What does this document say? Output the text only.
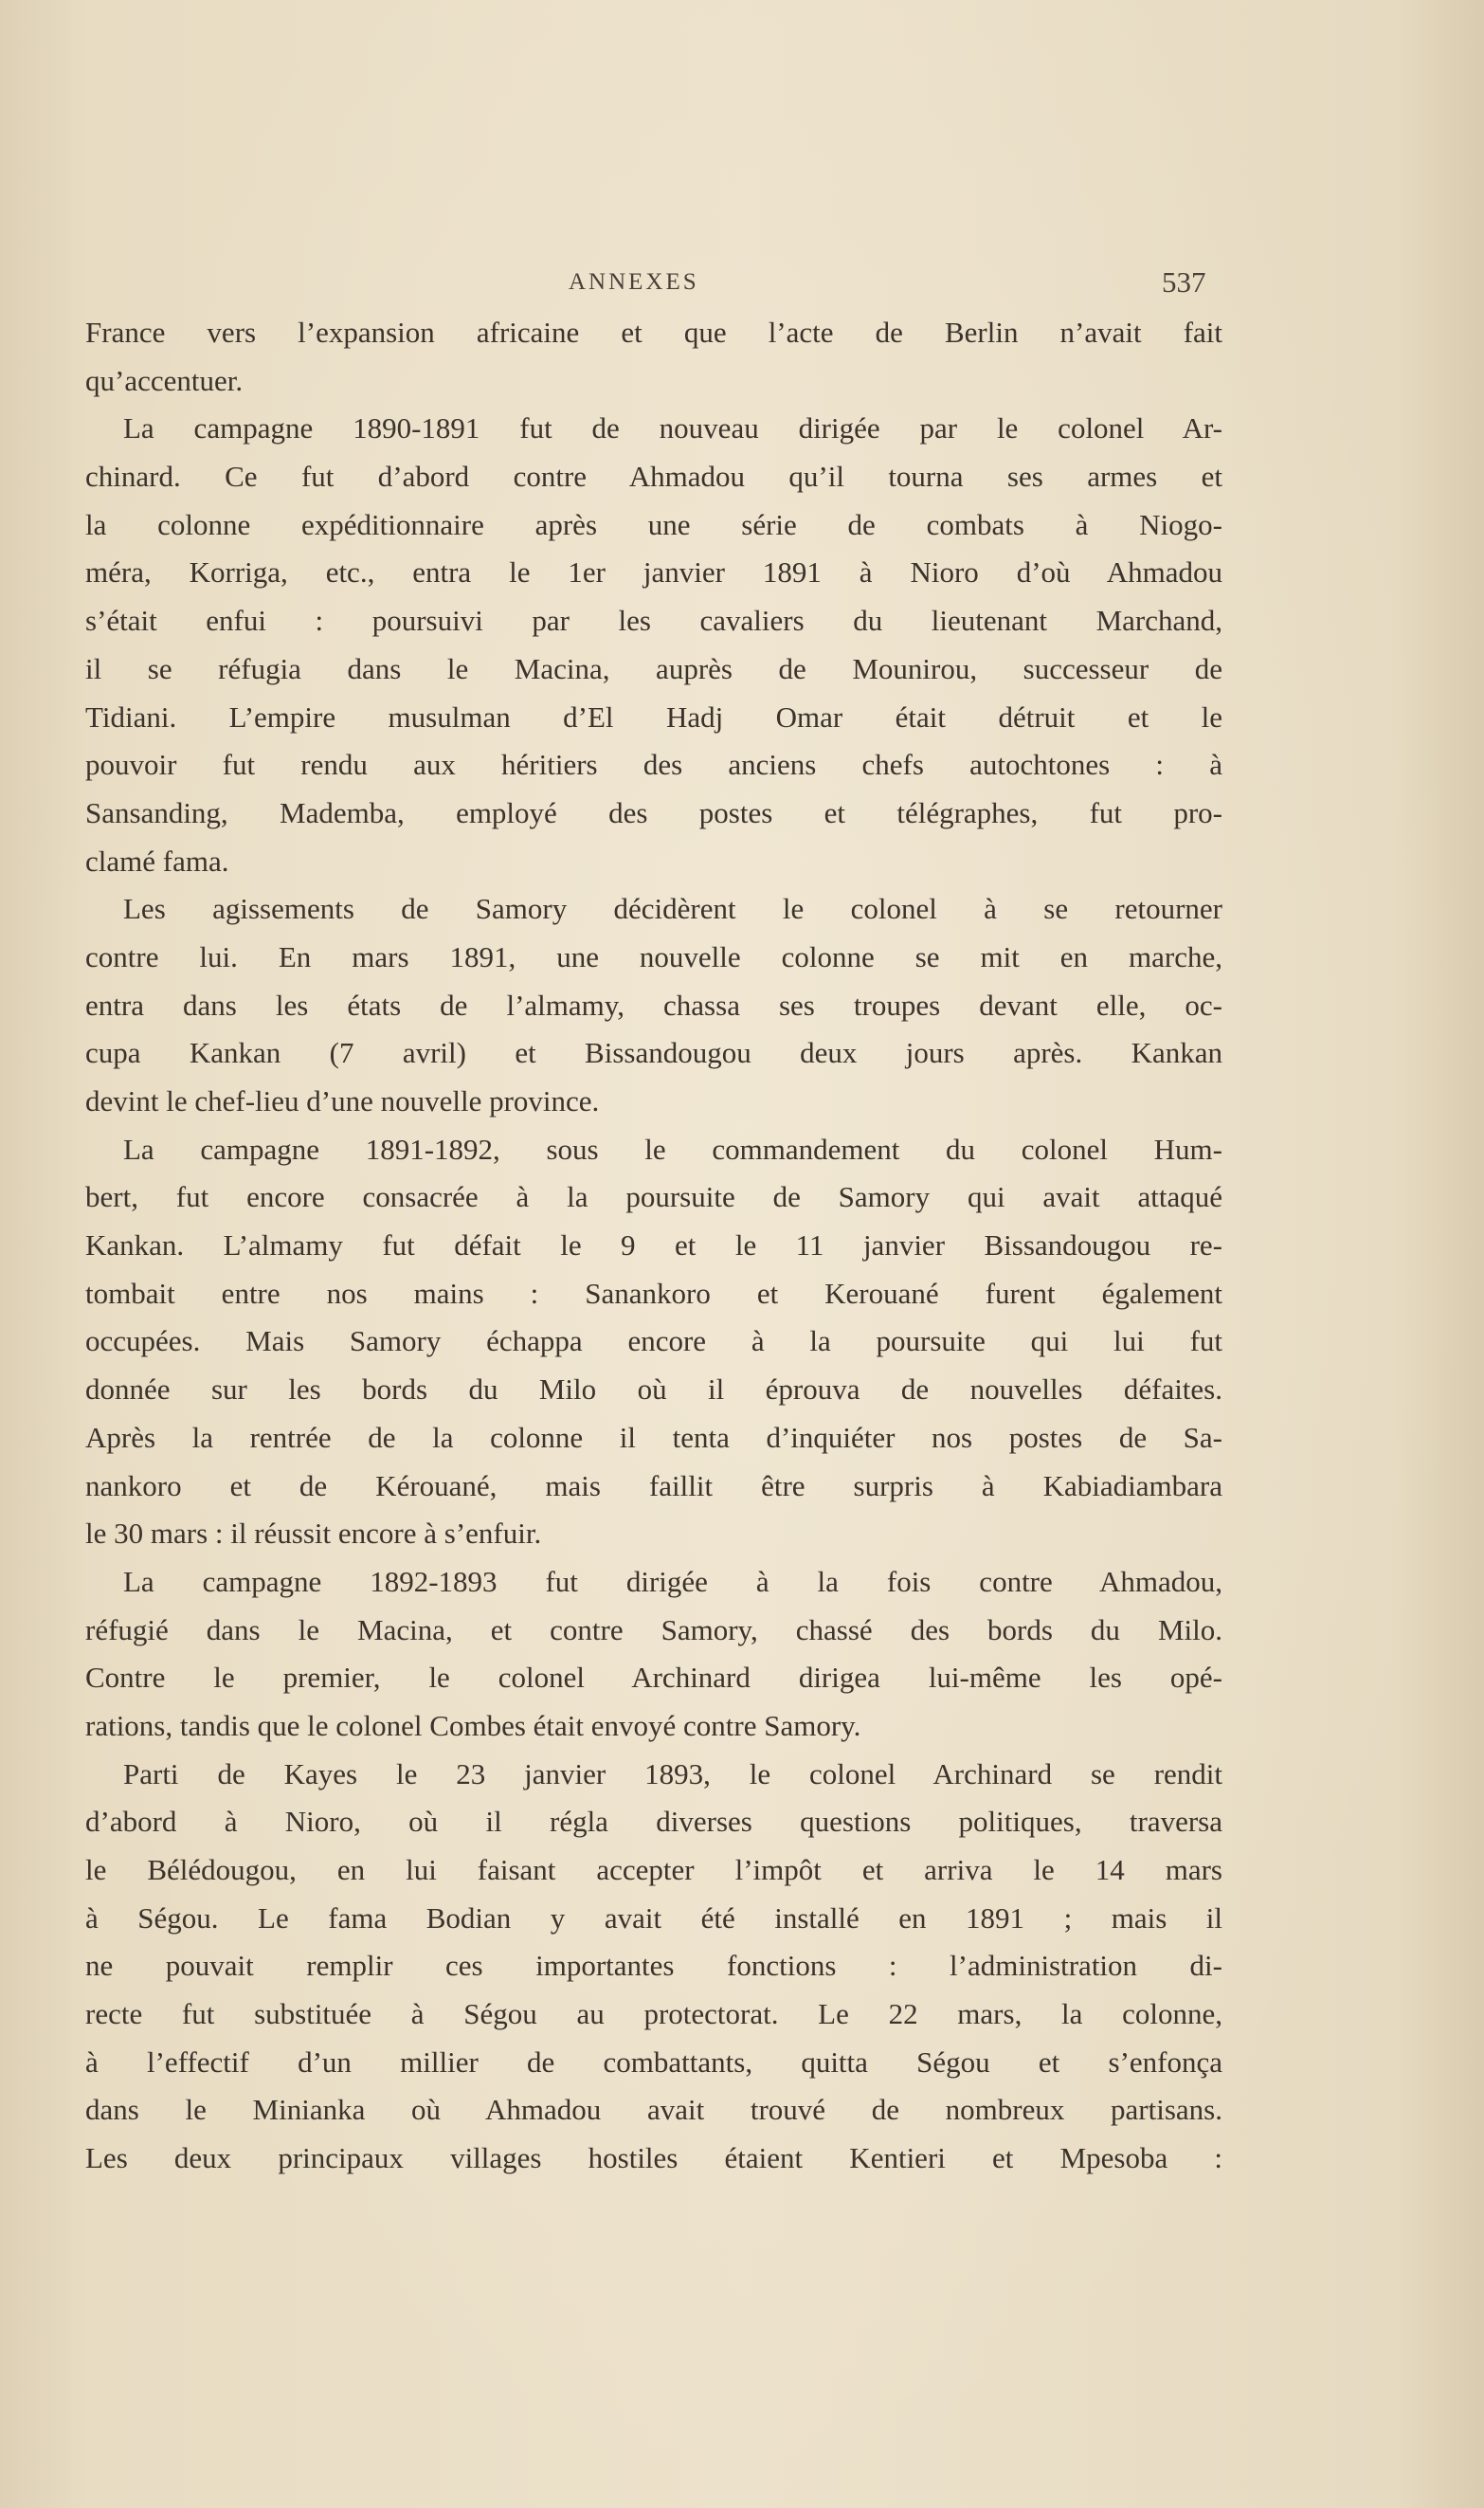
ANNEXES	537
France vers l’expansion africaine et que l’acte de Berlin n’avait fait
qu’accentuer.
La campagne 1890-1891 fut de nouveau dirigée par le colonel Ar-
chinard. Ce fut d’abord contre Ahmadou qu’il tourna ses armes et
la colonne expéditionnaire après une série de combats à Niogo-
méra, Korriga, etc., entra le 1er janvier 1891 à Nioro d’où Ahmadou
s’était enfui : poursuivi par les cavaliers du lieutenant Marchand,
il se réfugia dans le Macina, auprès de Mounirou, successeur de
Tidiani. L’empire musulman d’El Hadj Omar était détruit et le
pouvoir fut rendu aux héritiers des anciens chefs autochtones : à
Sansanding, Mademba, employé des postes et télégraphes, fut pro-
clamé fama.
Les agissements de Samory décidèrent le colonel à se retourner
contre lui. En mars 1891, une nouvelle colonne se mit en marche,
entra dans les états de l’almamy, chassa ses troupes devant elle, oc-
cupa Kankan (7 avril) et Bissandougou deux jours après. Kankan
devint le chef-lieu d’une nouvelle province.
La campagne 1891-1892, sous le commandement du colonel Hum-
bert, fut encore consacrée à la poursuite de Samory qui avait attaqué
Kankan. L’almamy fut défait le 9 et le 11 janvier Bissandougou re-
tombait entre nos mains : Sanankoro et Kerouané furent également
occupées. Mais Samory échappa encore à la poursuite qui lui fut
donnée sur les bords du Milo où il éprouva de nouvelles défaites.
Après la rentrée de la colonne il tenta d’inquiéter nos postes de Sa-
nankoro et de Kérouané, mais faillit être surpris à Kabiadiambara
le 30 mars : il réussit encore à s’enfuir.
La campagne 1892-1893 fut dirigée à la fois contre Ahmadou,
réfugié dans le Macina, et contre Samory, chassé des bords du Milo.
Contre le premier, le colonel Archinard dirigea lui-même les opé-
rations, tandis que le colonel Combes était envoyé contre Samory.
Parti de Kayes le 23 janvier 1893, le colonel Archinard se rendit
d’abord à Nioro, où il régla diverses questions politiques, traversa
le Bélédougou, en lui faisant accepter l’impôt et arriva le 14 mars
à Ségou. Le fama Bodian y avait été installé en 1891 ; mais il
ne pouvait remplir ces importantes fonctions : l’administration di-
recte fut substituée à Ségou au protectorat. Le 22 mars, la colonne,
à l’effectif d’un millier de combattants, quitta Ségou et s’enfonça
dans le Minianka où Ahmadou avait trouvé de nombreux partisans.
Les deux principaux villages hostiles étaient Kentieri et Mpesoba :
